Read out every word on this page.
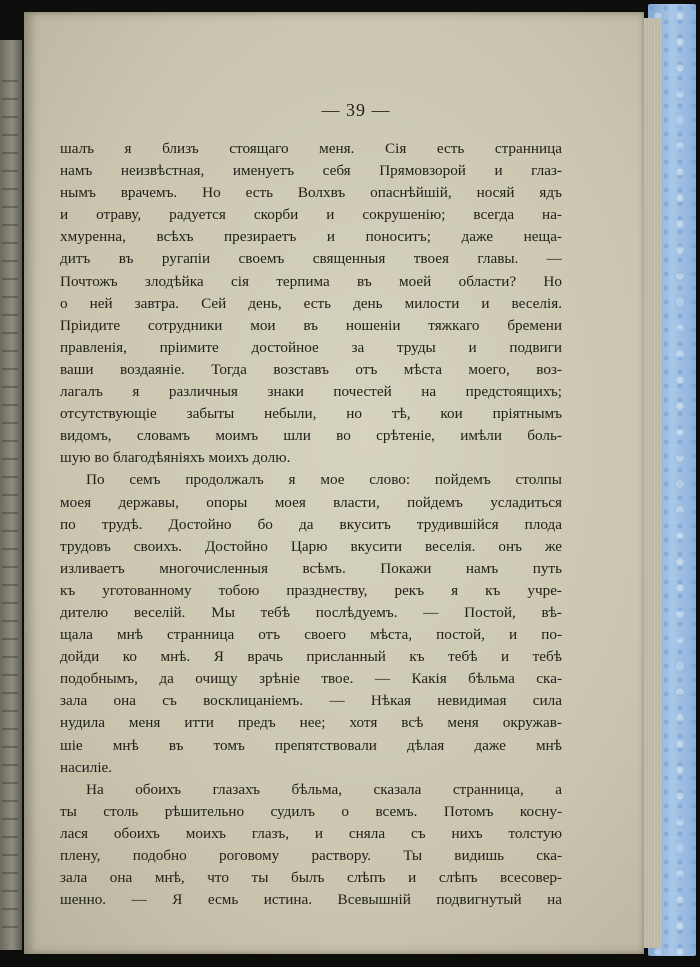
— 39 —
шалъ я близъ стоящаго меня. Сія есть странница
намъ неизвѣстная, именуетъ себя Прямовзорой и глаз-
нымъ врачемъ. Но есть Волхвъ опаснѣйшій, носяй ядъ
и отраву, радуется скорби и сокрушенію; всегда на-
хмуренна, всѣхъ презираетъ и поноситъ; даже нещa-
дитъ въ ругапіи своемъ священныя твоея главы. —
Почтожъ злодѣйка сія терпима въ моей области? Но
о ней завтра. Сей день, есть день милости и веселія.
Пріидите сотрудники мои въ ношеніи тяжкаго бремени
правленія, пріимите достойное за труды и подвиги
ваши воздаяніе. Тогда возставъ отъ мѣста моего, воз-
лагалъ я различныя знаки почестей на предстоящихъ;
отсутствующіе забыты небыли, но тѣ, кои пріятнымъ
видомъ, словамъ моимъ шли во срѣтеніе, имѣли боль-
шую во благодѣяніяхъ моихъ долю.
По семъ продолжалъ я мое слово: пойдемъ столпы
моея державы, опоры моея власти, пойдемъ усладиться
по трудѣ. Достойно бо да вкуситъ трудившійся плода
трудовъ своихъ. Достойно Царю вкусити веселія. онъ же
изливаетъ многочисленныя всѣмъ. Покажи намъ путь
къ уготованному тобою празднеству, рекъ я къ учре-
дителю веселій. Мы тебѣ послѣдуемъ. — Постой, вѣ-
щала мнѣ странница отъ своего мѣста, постой, и по-
дойди ко мнѣ. Я врачь присланный къ тебѣ и тебѣ
подобнымъ, да очищу зрѣніе твое. — Какія бѣльма ска-
зала она съ восклицаніемъ. — Нѣкая невидимая сила
нудила меня итти предъ нее; хотя всѣ меня окружав-
шіе мнѣ въ томъ препятствовали дѣлая даже мнѣ
насиліе.
На обоихъ глазахъ бѣльма, сказала странница, а
ты столь рѣшительно судилъ о всемъ. Потомъ косну-
лася обоихъ моихъ глазъ, и сняла съ нихъ толстую
плену, подобно роговому раствору. Ты видишь ска-
зала она мнѣ, что ты былъ слѣпъ и слѣпъ всесовер-
шенно. — Я есмь истина. Всевышній подвигнутый на
